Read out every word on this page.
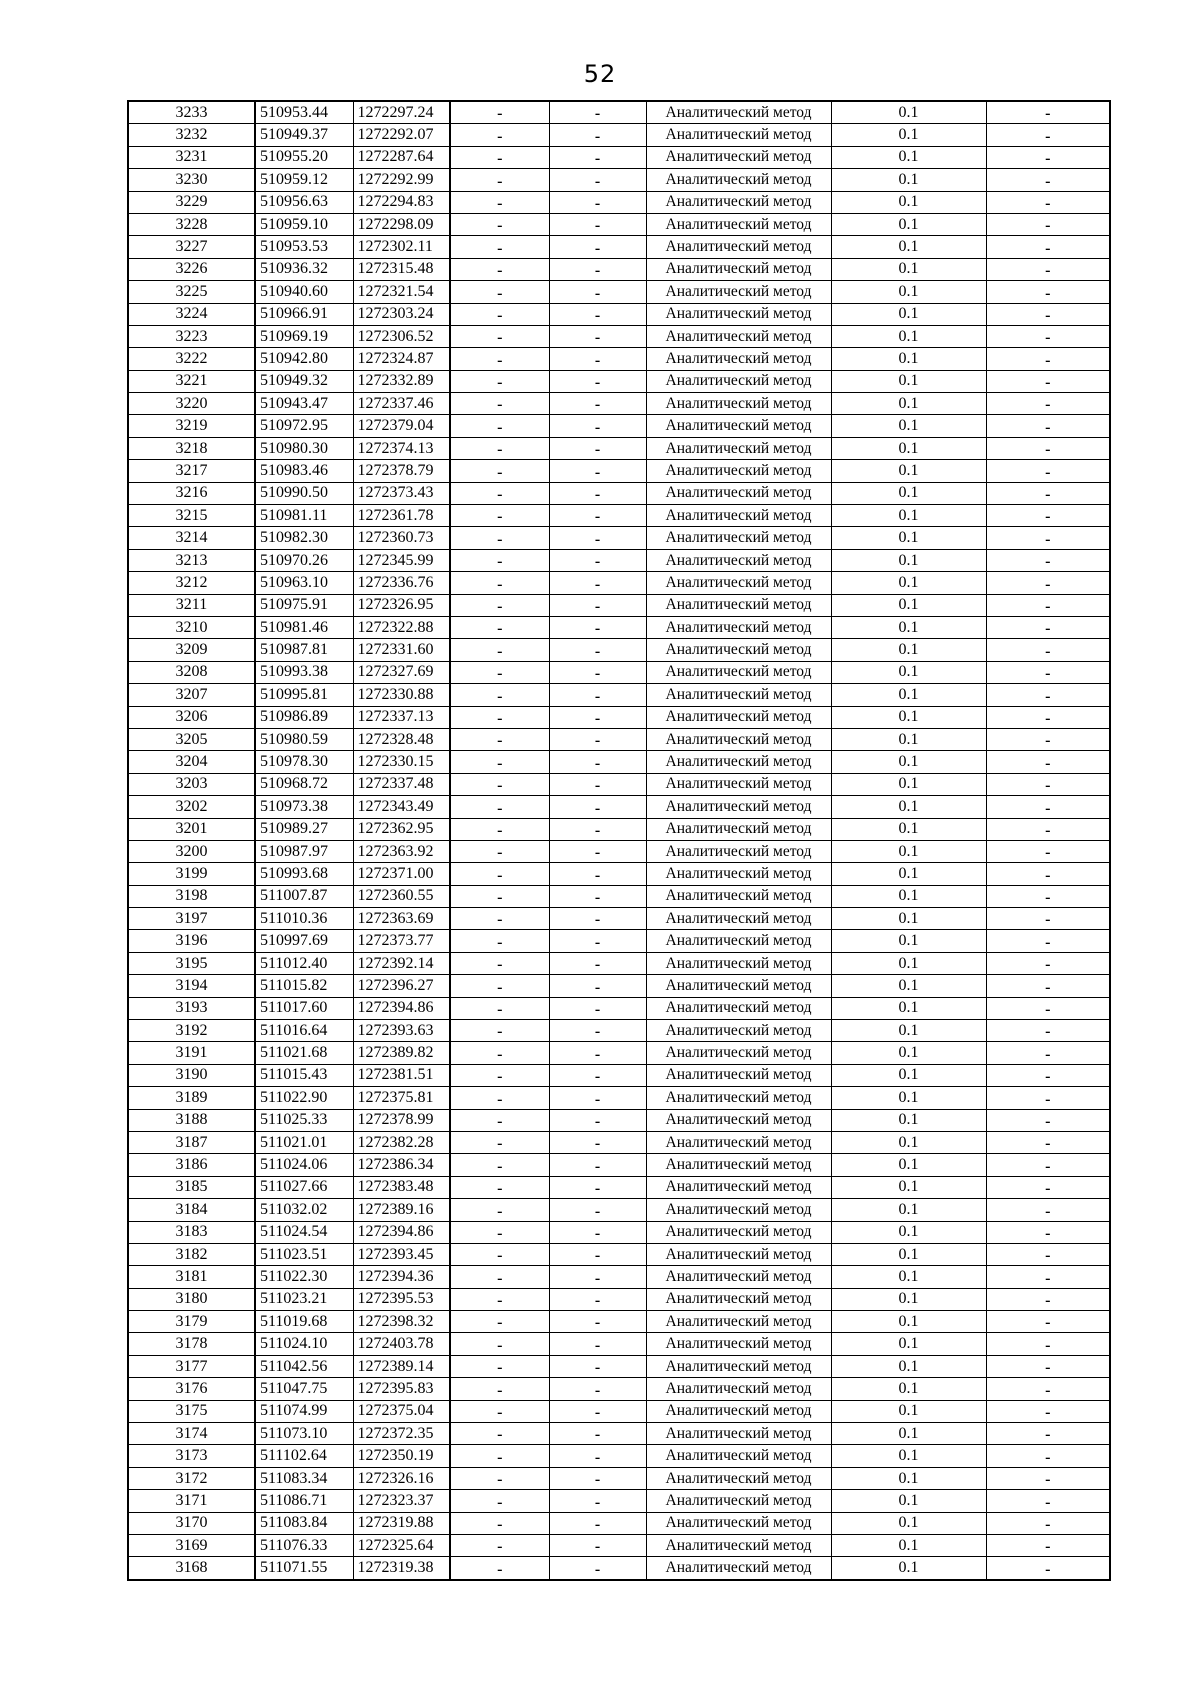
52
3233	510953.44	1272297.24	-	-	Аналитический метод	0.1	-
3232	510949.37	1272292.07	-	-	Аналитический метод	0.1	-
3231	510955.20	1272287.64	-	-	Аналитический метод	0.1	-
3230	510959.12	1272292.99	-	-	Аналитический метод	0.1	-
3229	510956.63	1272294.83	-	-	Аналитический метод	0.1	-
3228	510959.10	1272298.09	-	-	Аналитический метод	0.1	-
3227	510953.53	1272302.11	-	-	Аналитический метод	0.1	-
3226	510936.32	1272315.48	-	-	Аналитический метод	0.1	-
3225	510940.60	1272321.54	-	-	Аналитический метод	0.1	-
3224	510966.91	1272303.24	-	-	Аналитический метод	0.1	-
3223	510969.19	1272306.52	-	-	Аналитический метод	0.1	-
3222	510942.80	1272324.87	-	-	Аналитический метод	0.1	-
3221	510949.32	1272332.89	-	-	Аналитический метод	0.1	-
3220	510943.47	1272337.46	-	-	Аналитический метод	0.1	-
3219	510972.95	1272379.04	-	-	Аналитический метод	0.1	-
3218	510980.30	1272374.13	-	-	Аналитический метод	0.1	-
3217	510983.46	1272378.79	-	-	Аналитический метод	0.1	-
3216	510990.50	1272373.43	-	-	Аналитический метод	0.1	-
3215	510981.11	1272361.78	-	-	Аналитический метод	0.1	-
3214	510982.30	1272360.73	-	-	Аналитический метод	0.1	-
3213	510970.26	1272345.99	-	-	Аналитический метод	0.1	-
3212	510963.10	1272336.76	-	-	Аналитический метод	0.1	-
3211	510975.91	1272326.95	-	-	Аналитический метод	0.1	-
3210	510981.46	1272322.88	-	-	Аналитический метод	0.1	-
3209	510987.81	1272331.60	-	-	Аналитический метод	0.1	-
3208	510993.38	1272327.69	-	-	Аналитический метод	0.1	-
3207	510995.81	1272330.88	-	-	Аналитический метод	0.1	-
3206	510986.89	1272337.13	-	-	Аналитический метод	0.1	-
3205	510980.59	1272328.48	-	-	Аналитический метод	0.1	-
3204	510978.30	1272330.15	-	-	Аналитический метод	0.1	-
3203	510968.72	1272337.48	-	-	Аналитический метод	0.1	-
3202	510973.38	1272343.49	-	-	Аналитический метод	0.1	-
3201	510989.27	1272362.95	-	-	Аналитический метод	0.1	-
3200	510987.97	1272363.92	-	-	Аналитический метод	0.1	-
3199	510993.68	1272371.00	-	-	Аналитический метод	0.1	-
3198	511007.87	1272360.55	-	-	Аналитический метод	0.1	-
3197	511010.36	1272363.69	-	-	Аналитический метод	0.1	-
3196	510997.69	1272373.77	-	-	Аналитический метод	0.1	-
3195	511012.40	1272392.14	-	-	Аналитический метод	0.1	-
3194	511015.82	1272396.27	-	-	Аналитический метод	0.1	-
3193	511017.60	1272394.86	-	-	Аналитический метод	0.1	-
3192	511016.64	1272393.63	-	-	Аналитический метод	0.1	-
3191	511021.68	1272389.82	-	-	Аналитический метод	0.1	-
3190	511015.43	1272381.51	-	-	Аналитический метод	0.1	-
3189	511022.90	1272375.81	-	-	Аналитический метод	0.1	-
3188	511025.33	1272378.99	-	-	Аналитический метод	0.1	-
3187	511021.01	1272382.28	-	-	Аналитический метод	0.1	-
3186	511024.06	1272386.34	-	-	Аналитический метод	0.1	-
3185	511027.66	1272383.48	-	-	Аналитический метод	0.1	-
3184	511032.02	1272389.16	-	-	Аналитический метод	0.1	-
3183	511024.54	1272394.86	-	-	Аналитический метод	0.1	-
3182	511023.51	1272393.45	-	-	Аналитический метод	0.1	-
3181	511022.30	1272394.36	-	-	Аналитический метод	0.1	-
3180	511023.21	1272395.53	-	-	Аналитический метод	0.1	-
3179	511019.68	1272398.32	-	-	Аналитический метод	0.1	-
3178	511024.10	1272403.78	-	-	Аналитический метод	0.1	-
3177	511042.56	1272389.14	-	-	Аналитический метод	0.1	-
3176	511047.75	1272395.83	-	-	Аналитический метод	0.1	-
3175	511074.99	1272375.04	-	-	Аналитический метод	0.1	-
3174	511073.10	1272372.35	-	-	Аналитический метод	0.1	-
3173	511102.64	1272350.19	-	-	Аналитический метод	0.1	-
3172	511083.34	1272326.16	-	-	Аналитический метод	0.1	-
3171	511086.71	1272323.37	-	-	Аналитический метод	0.1	-
3170	511083.84	1272319.88	-	-	Аналитический метод	0.1	-
3169	511076.33	1272325.64	-	-	Аналитический метод	0.1	-
3168	511071.55	1272319.38	-	-	Аналитический метод	0.1	-
